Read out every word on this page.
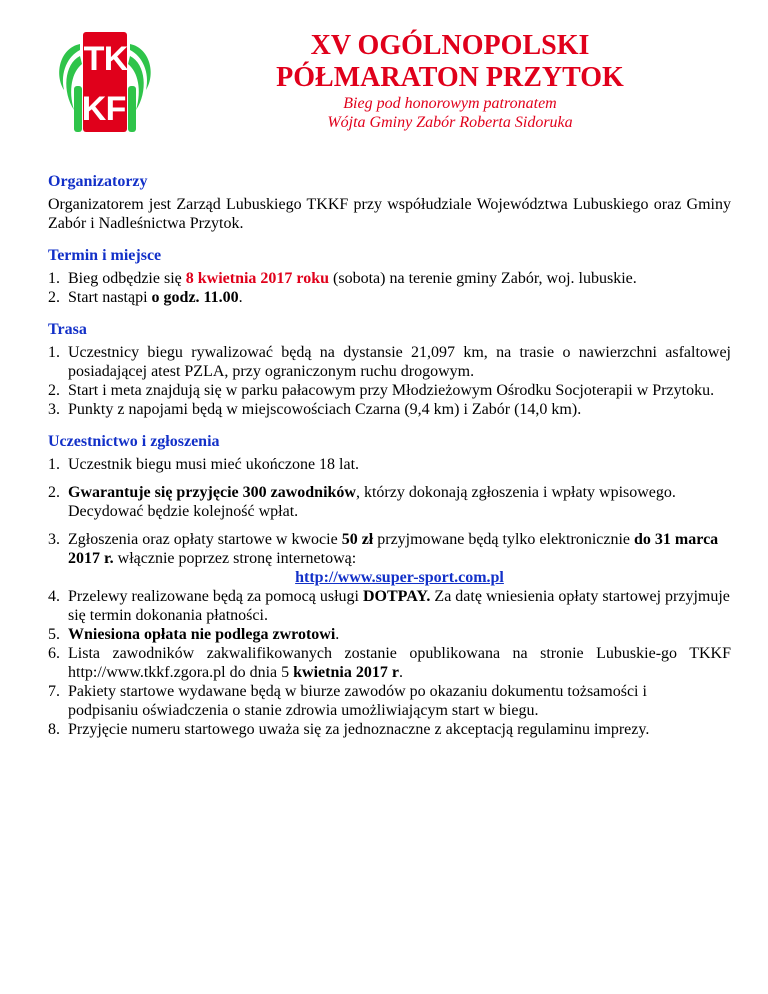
T K
K F
XV OGÓLNOPOLSKI
PÓŁMARATON PRZYTOK
Bieg pod honorowym patronatem
Wójta Gminy Zabór Roberta Sidoruka
Organizatorzy

Organizatorem jest Zarząd Lubuskiego TKKF przy współudziale Województwa Lubuskiego oraz Gminy Zabór i Nadleśnictwa Przytok.

Termin i miejsce
1. Bieg odbędzie się 8 kwietnia 2017 roku (sobota) na terenie gminy Zabór, woj. lubuskie.
2. Start nastąpi o godz. 11.00.
Trasa
1. Uczestnicy biegu rywalizować będą na dystansie 21,097 km, na trasie o nawierzchni asfaltowej posiadającej atest PZLA, przy ograniczonym ruchu drogowym.
2. Start i meta znajdują się w parku pałacowym przy Młodzieżowym Ośrodku Socjoterapii w Przytoku.
3. Punkty z napojami będą w miejscowościach Czarna (9,4 km) i Zabór (14,0 km).
Uczestnictwo i zgłoszenia
1. Uczestnik biegu musi mieć ukończone 18 lat.
2. Gwarantuje się przyjęcie 300 zawodników, którzy dokonają zgłoszenia i wpłaty wpisowego. Decydować będzie kolejność wpłat.
3. Zgłoszenia oraz opłaty startowe w kwocie 50 zł przyjmowane będą tylko elektronicznie do 31 marca 2017 r. włącznie poprzez stronę internetową:
http://www.super-sport.com.pl
4. Przelewy realizowane będą za pomocą usługi DOTPAY. Za datę wniesienia opłaty startowej przyjmuje się termin dokonania płatności.
5. Wniesiona opłata nie podlega zwrotowi.
6. Lista zawodników zakwalifikowanych zostanie opublikowana na stronie Lubuskie-go TKKF http://www.tkkf.zgora.pl do dnia 5 kwietnia 2017 r.
7. Pakiety startowe wydawane będą w biurze zawodów po okazaniu dokumentu tożsamości i podpisaniu oświadczenia o stanie zdrowia umożliwiającym start w biegu.
8. Przyjęcie numeru startowego uważa się za jednoznaczne z akceptacją regulaminu imprezy.
